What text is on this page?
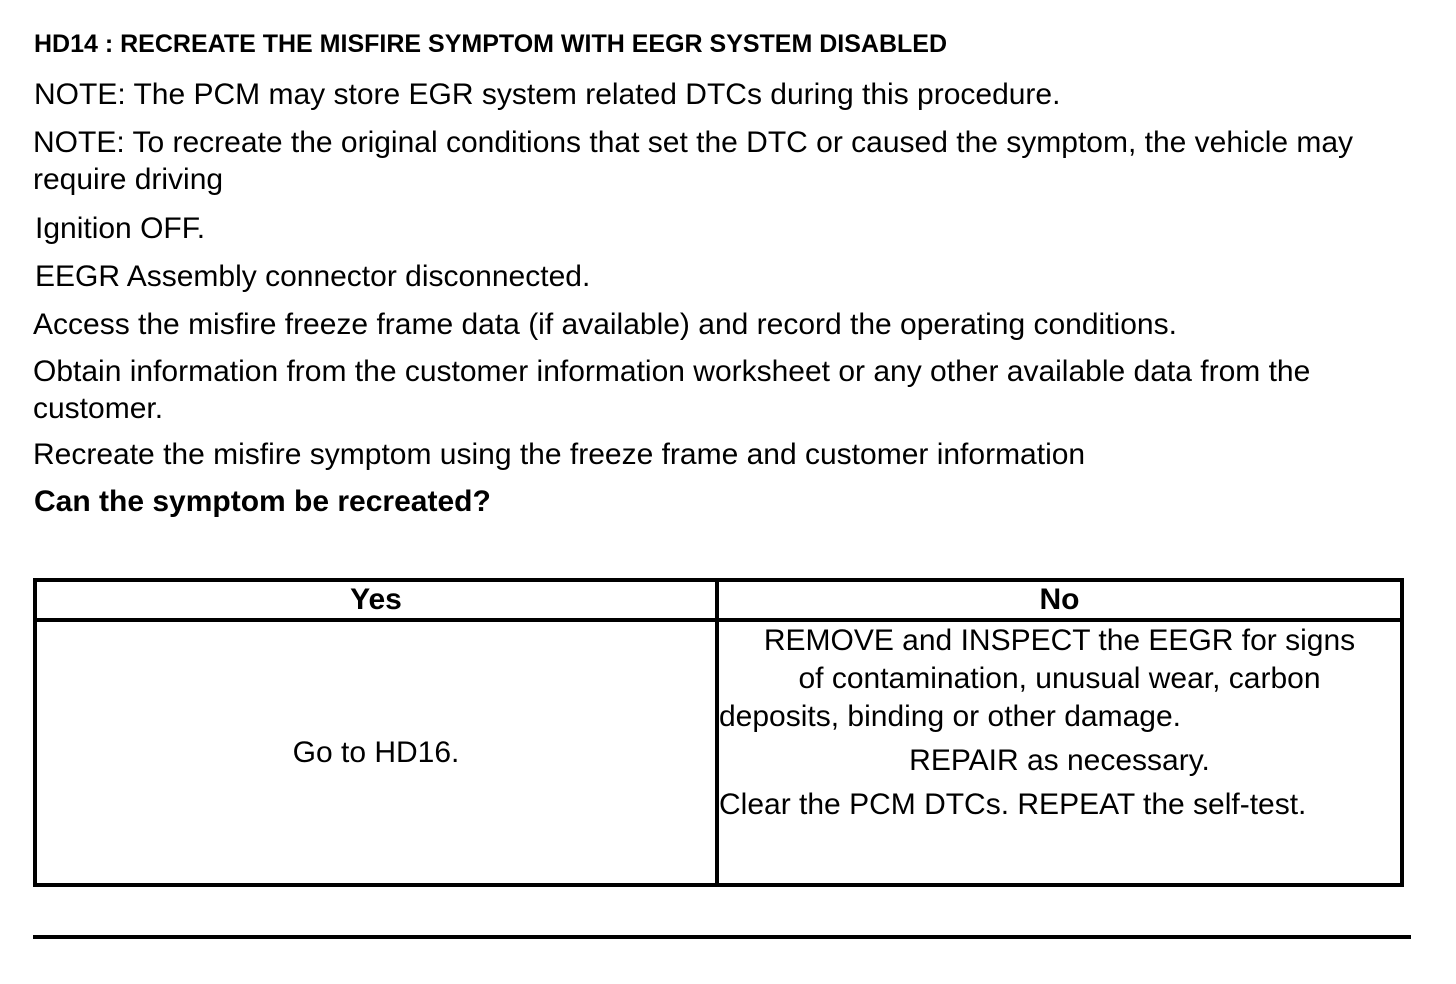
HD14 : RECREATE THE MISFIRE SYMPTOM WITH EEGR SYSTEM DISABLED
NOTE: The PCM may store EGR system related DTCs during this procedure.
NOTE: To recreate the original conditions that set the DTC or caused the symptom, the vehicle may require driving
Ignition OFF.
EEGR Assembly connector disconnected.
Access the misfire freeze frame data (if available) and record the operating conditions.
Obtain information from the customer information worksheet or any other available data from the customer.
Recreate the misfire symptom using the freeze frame and customer information
Can the symptom be recreated?
Yes	No
Go to HD16.	REMOVE and INSPECT the EEGR for signs
of contamination, unusual wear, carbon
deposits, binding or other damage.
REPAIR as necessary.
Clear the PCM DTCs. REPEAT the self-test.
